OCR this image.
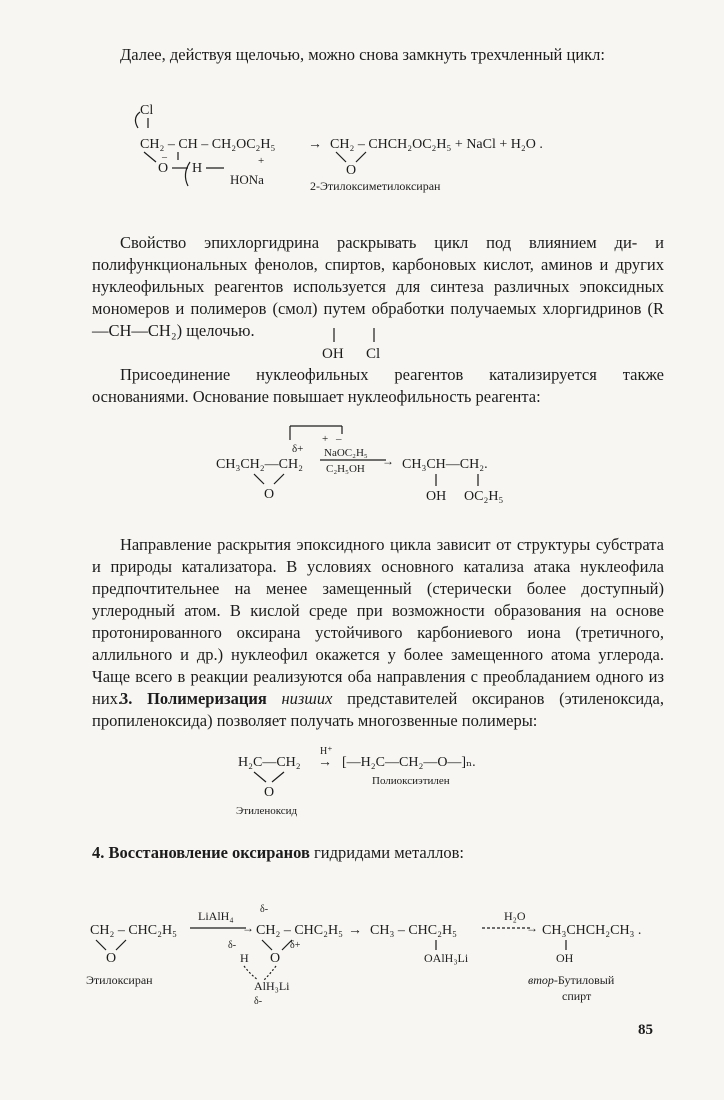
Далее, действуя щелочью, можно снова замкнуть трехчленный цикл:

Cl
CH₂ – CH – CH₂OC₂H₅ → CH₂ – CHCH₂OC₂H₅ + NaCl + H₂O .
–
O H	+
HONa
O
2-Этилоксиметилоксиран

Свойство эпихлоргидрина раскрывать цикл под влиянием ди- и полифункциональных фенолов, спиртов, карбоновых кислот, аминов и других нуклеофильных реагентов используется для синтеза различных эпоксидных мономеров и полимеров (смол) путем обработки получаемых хлоргидринов (R—CH—CH₂) щелочью.

OH Cl

Присоединение нуклеофильных реагентов катализируется также основаниями. Основание повышает нуклеофильность реагента:

δ+
+ –
NaOC₂H₅
C₂H₅OH
CH₃CH₂—CH₂	→
O
CH₃CH—CH₂.
OH OC₂H₅

Направление раскрытия эпоксидного цикла зависит от структуры субстрата и природы катализатора. В условиях основного катализа атака нуклеофила предпочтительнее на менее замещенный (стерически более доступный) углеродный атом. В кислой среде при возможности образования на основе протонированного оксирана устойчивого карбониевого иона (третичного, аллильного и др.) нуклеофил окажется у более замещенного атома углерода. Чаще всего в реакции реализуются оба направления с преобладанием одного из них.

3. Полимеризация низших представителей оксиранов (этиленоксида, пропиленоксида) позволяет получать многозвенные полимеры:

H₂C—CH₂
H⁺
→ [—H₂C—CH₂—O—]ₙ.
O
Полиоксиэтилен
Этиленоксид

4. Восстановление оксиранов гидридами металлов:

CH₂ – CHC₂H₅
O
Этилоксиран
LiAlH₄
→
δ-
CH₂ – CHC₂H₅
δ-
H O
δ+
AlH₃Li
δ-
→ CH₃ – CHC₂H₅
OAlH₃Li
H₂O
→ CH₃CHCH₂CH₃ .
OH
втор-Бутиловый
спирт
85
